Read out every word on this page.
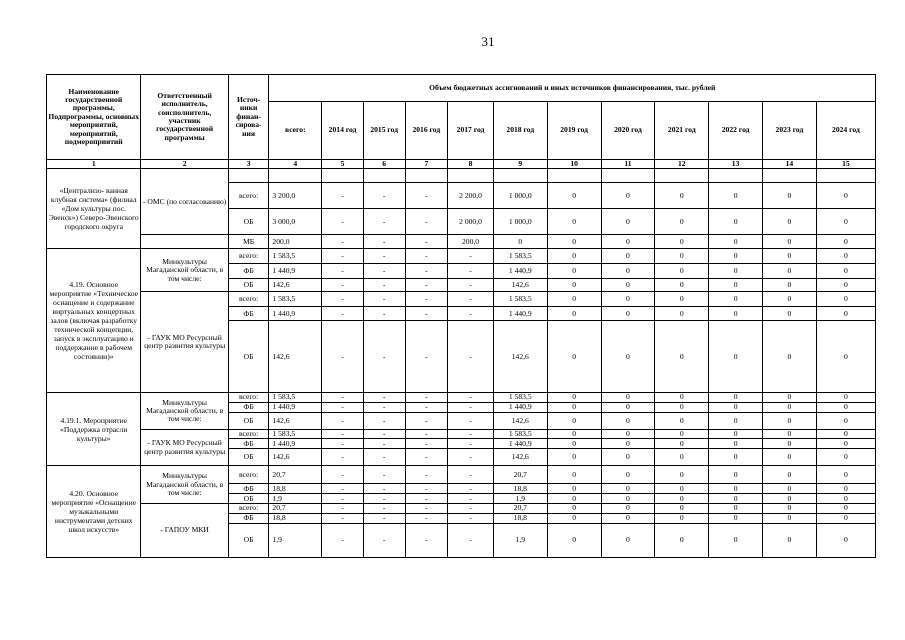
31
Наименование государственной программы, Подпрограммы, основных мероприятий, мероприятий, подмероприятий	Ответственный исполнитель, соисполнитель, участник государственной программы	Источ- ники финан- сирова- ния	Объем бюджетных ассигнований и иных источников финансирования, тыс. рублей											
			всего:	2014 год	2015 год	2016 год	2017 год	2018 год	2019 год	2020 год	2021 год	2022 год	2023 год	2024 год
1	2	3	4	5	6	7	8	9	10	11	12	13	14	15
«Централизо- ванная клубная система» (филиал «Дом культуры пос. Эвенск») Северо-Эвенского городского округа	- ОМС (по согласованию)													
		всего:	3 200,0	-	-	-	2 200,0	1 000,0	0	0	0	0	0	0
		ОБ	3 000,0	-	-	-	2 000,0	1 000,0	0	0	0	0	0	0
		МБ	200,0	-	-	-	200,0	0	0	0	0	0	0	0
4.19. Основное мероприятие «Техническое оснащение и содержание виртуальных концертных залов (включая разработку технической концепции, запуск в эксплуатацию и поддержание в рабочем состоянии)»	Минкультуры Магаданской области, в том числе:	всего:	1 583,5	-	-	-	-	1 583,5	0	0	0	0	0	0
		ФБ	1 440,9	-	-	-	-	1 440,9	0	0	0	0	0	0
		ОБ	142,6	-	-	-	-	142,6	0	0	0	0	0	0
	- ГАУК МО Ресурсный центр развития культуры	всего:	1 583,5	-	-	-	-	1 583,5	0	0	0	0	0	0
		ФБ	1 440,9	-	-	-	-	1 440,9	0	0	0	0	0	0
		ОБ	142,6	-	-	-	-	142,6	0	0	0	0	0	0
4.19.1. Мероприятие «Поддержка отрасли культуры»	Минкультуры Магаданской области, в том числе:	всего:	1 583,5	-	-	-	-	1 583,5	0	0	0	0	0	0
		ФБ	1 440,9	-	-	-	-	1 440,9	0	0	0	0	0	0
		ОБ	142,6	-	-	-	-	142,6	0	0	0	0	0	0
	- ГАУК МО Ресурсный центр развития культуры	всего:	1 583,5	-	-	-	-	1 583,5	0	0	0	0	0	0
		ФБ	1 440,9	-	-	-	-	1 440,9	0	0	0	0	0	0
		ОБ	142,6	-	-	-	-	142,6	0	0	0	0	0	0
4.20. Основное мероприятие «Оснащение музыкальными инструментами детских школ искусств»	Минкультуры Магаданской области, в том числе:	всего:	20,7	-	-	-	-	20,7	0	0	0	0	0	0
		ФБ	18,8	-	-	-	-	18,8	0	0	0	0	0	0
		ОБ	1,9	-	-	-	-	1,9	0	0	0	0	0	0
	- ГАПОУ МКИ	всего:	20,7	-	-	-	-	20,7	0	0	0	0	0	0
		ФБ	18,8	-	-	-	-	18,8	0	0	0	0	0	0
		ОБ	1,9	-	-	-	-	1,9	0	0	0	0	0	0
